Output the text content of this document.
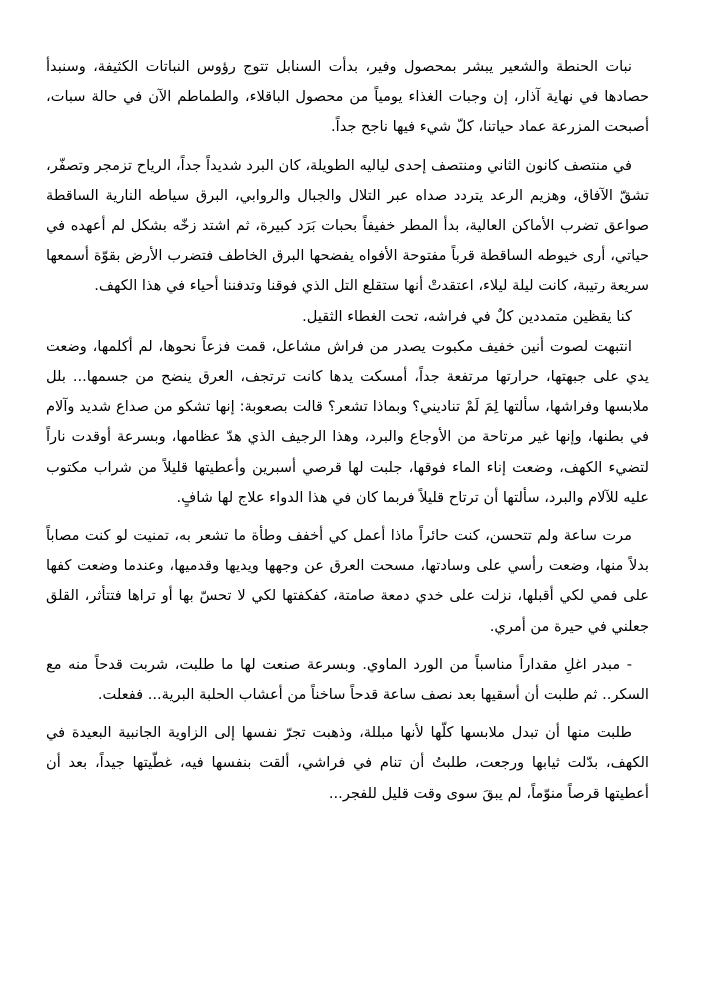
نبات الحنطة والشعير يبشر بمحصول وفير، بدأت السنابل تتوج رؤوس النباتات الكثيفة، وسنبدأ حصادها في نهاية آذار، إن وجبات الغذاء يومياً من محصول الباقلاء، والطماطم الآن في حالة سبات، أصبحت المزرعة عماد حياتنا، كلّ شيء فيها ناجح جداً.

في منتصف كانون الثاني ومنتصف إحدى لياليه الطويلة، كان البرد شديداً جداً، الرياح تزمجر وتصفّر، تشقّ الآفاق، وهزيم الرعد يتردد صداه عبر التلال والجبال والروابي، البرق سياطه النارية الساقطة صواعق تضرب الأماكن العالية، بدأ المطر خفيفاً بحبات بَرَد كبيرة، ثم اشتد زخّه بشكل لم أعهده في حياتي، أرى خيوطه الساقطة قرباً مفتوحة الأفواه يفضحها البرق الخاطف فتضرب الأرض بقوّة أسمعها سريعة رتيبة، كانت ليلة ليلاء، اعتقدتْ أنها ستقلع التل الذي فوقنا وتدفننا أحياء في هذا الكهف.

كنا يقظين متمددين كلٌ في فراشه، تحت الغطاء الثقيل.

انتبهت لصوت أنين خفيف مكبوت يصدر من فراش مشاعل، قمت فزعاً نحوها، لم أكلمها، وضعت يدي على جبهتها، حرارتها مرتفعة جداً، أمسكت يدها كانت ترتجف، العرق ينضح من جسمها... بلل ملابسها وفراشها، سألتها لِمَ لَمْ تناديني؟ وبماذا تشعر؟ قالت بصعوبة: إنها تشكو من صداع شديد وآلام في بطنها، وإنها غير مرتاحة من الأوجاع والبرد، وهذا الرجيف الذي هدّ عظامها، وبسرعة أوقدت ناراً لتضيء الكهف، وضعت إناء الماء فوقها، جلبت لها قرصي أسبرين وأعطيتها قليلاً من شراب مكتوب عليه للآلام والبرد، سألتها أن ترتاح قليلاً فربما كان في هذا الدواء علاج لها شافٍ.

مرت ساعة ولم تتحسن، كنت حائراً ماذا أعمل كي أخفف وطأة ما تشعر به، تمنيت لو كنت مصاباً بدلاً منها، وضعت رأسي على وسادتها، مسحت العرق عن وجهها ويديها وقدميها، وعندما وضعت كفها على فمي لكي أقبلها، نزلت على خدي دمعة صامتة، كفكفتها لكي لا تحسّ بها أو تراها فتتأثر، القلق جعلني في حيرة من أمري.

- مبدر اغلِ مقداراً مناسباً من الورد الماوي. وبسرعة صنعت لها ما طلبت، شربت قدحاً منه مع السكر.. ثم طلبت أن أسقيها بعد نصف ساعة قدحاً ساخناً من أعشاب الحلبة البرية... ففعلت.

طلبت منها أن تبدل ملابسها كلّها لأنها مبللة، وذهبت تجرّ نفسها إلى الزاوية الجانبية البعيدة في الكهف، بدّلت ثيابها ورجعت، طلبتُ أن تنام في فراشي، ألقت بنفسها فيه، غطّيتها جيداً، بعد أن أعطيتها قرصاً منوّماً، لم يبقَ سوى وقت قليل للفجر...
